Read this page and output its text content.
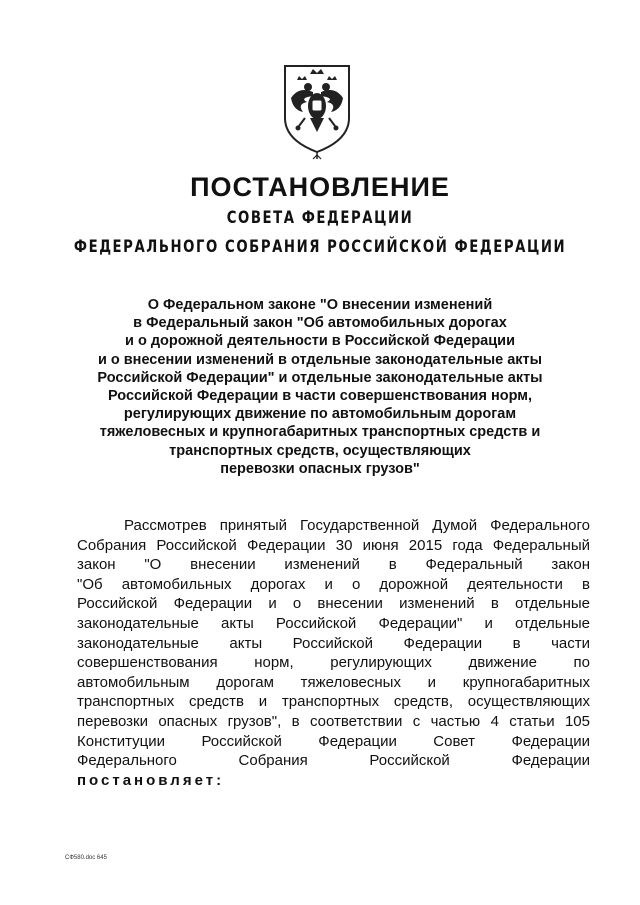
ПОСТАНОВЛЕНИЕ
СОВЕТА ФЕДЕРАЦИИ
ФЕДЕРАЛЬНОГО СОБРАНИЯ РОССИЙСКОЙ ФЕДЕРАЦИИ
О Федеральном законе "О внесении изменений
в Федеральный закон "Об автомобильных дорогах
и о дорожной деятельности в Российской Федерации
и о внесении изменений в отдельные законодательные акты
Российской Федерации" и отдельные законодательные акты
Российской Федерации в части совершенствования норм,
регулирующих движение по автомобильным дорогам
тяжеловесных и крупногабаритных транспортных средств и
транспортных средств, осуществляющих
перевозки опасных грузов"
Рассмотрев принятый Государственной Думой Федерального
Собрания Российской Федерации 30 июня 2015 года Федеральный
закон "О внесении изменений в Федеральный закон
"Об автомобильных дорогах и о дорожной деятельности в
Российской Федерации и о внесении изменений в отдельные
законодательные акты Российской Федерации" и отдельные
законодательные акты Российской Федерации в части
совершенствования норм, регулирующих движение по
автомобильным дорогам тяжеловесных и крупногабаритных
транспортных средств и транспортных средств, осуществляющих
перевозки опасных грузов", в соответствии с частью 4 статьи 105
Конституции Российской Федерации Совет Федерации
Федерального Собрания Российской Федерации
постановляет:
СФ580.doc 645
